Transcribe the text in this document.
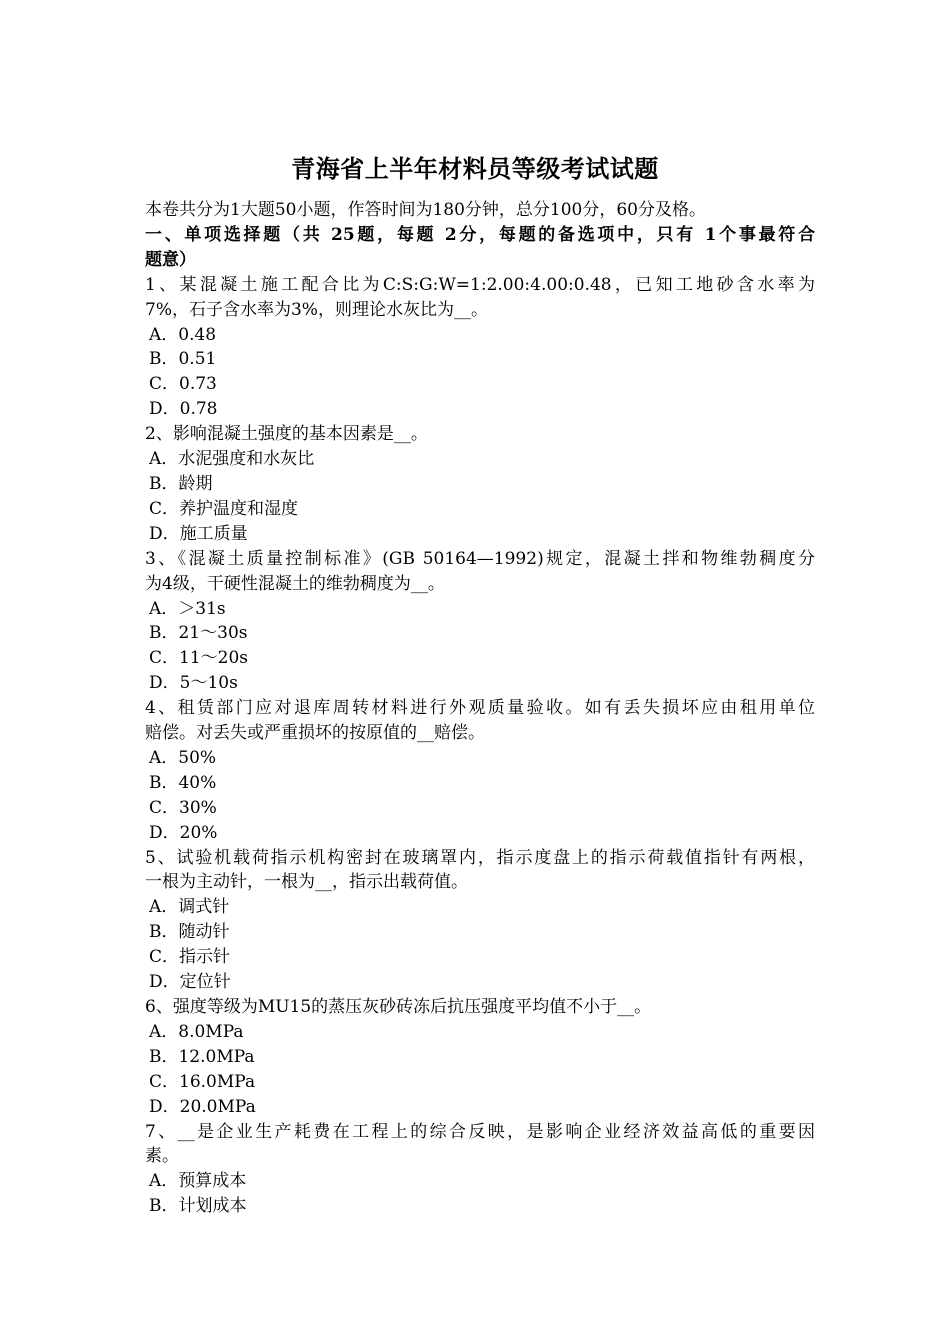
青海省上半年材料员等级考试试题
本卷共分为1大题50小题，作答时间为180分钟，总分100分，60分及格。
一、单项选择题（共 25题，每题 2分，每题的备选项中，只有 1个事最符合
题意）
1、某混凝土施工配合比为C:S:G:W=1:2.00:4.00:0.48，已知工地砂含水率为
7%，石子含水率为3%，则理论水灰比为__。
A．0.48
B．0.51
C．0.73
D．0.78
2、影响混凝土强度的基本因素是__。
A．水泥强度和水灰比
B．龄期
C．养护温度和湿度
D．施工质量
3、《混凝土质量控制标准》(GB 50164—1992)规定，混凝土拌和物维勃稠度分
为4级，干硬性混凝土的维勃稠度为__。
A．＞31s
B．21～30s
C．11～20s
D．5～10s
4、租赁部门应对退库周转材料进行外观质量验收。如有丢失损坏应由租用单位
赔偿。对丢失或严重损坏的按原值的__赔偿。
A．50%
B．40%
C．30%
D．20%
5、试验机载荷指示机构密封在玻璃罩内，指示度盘上的指示荷载值指针有两根，
一根为主动针，一根为__，指示出载荷值。
A．调式针
B．随动针
C．指示针
D．定位针
6、强度等级为MU15的蒸压灰砂砖冻后抗压强度平均值不小于__。
A．8.0MPa
B．12.0MPa
C．16.0MPa
D．20.0MPa
7、__是企业生产耗费在工程上的综合反映，是影响企业经济效益高低的重要因
素。
A．预算成本
B．计划成本
